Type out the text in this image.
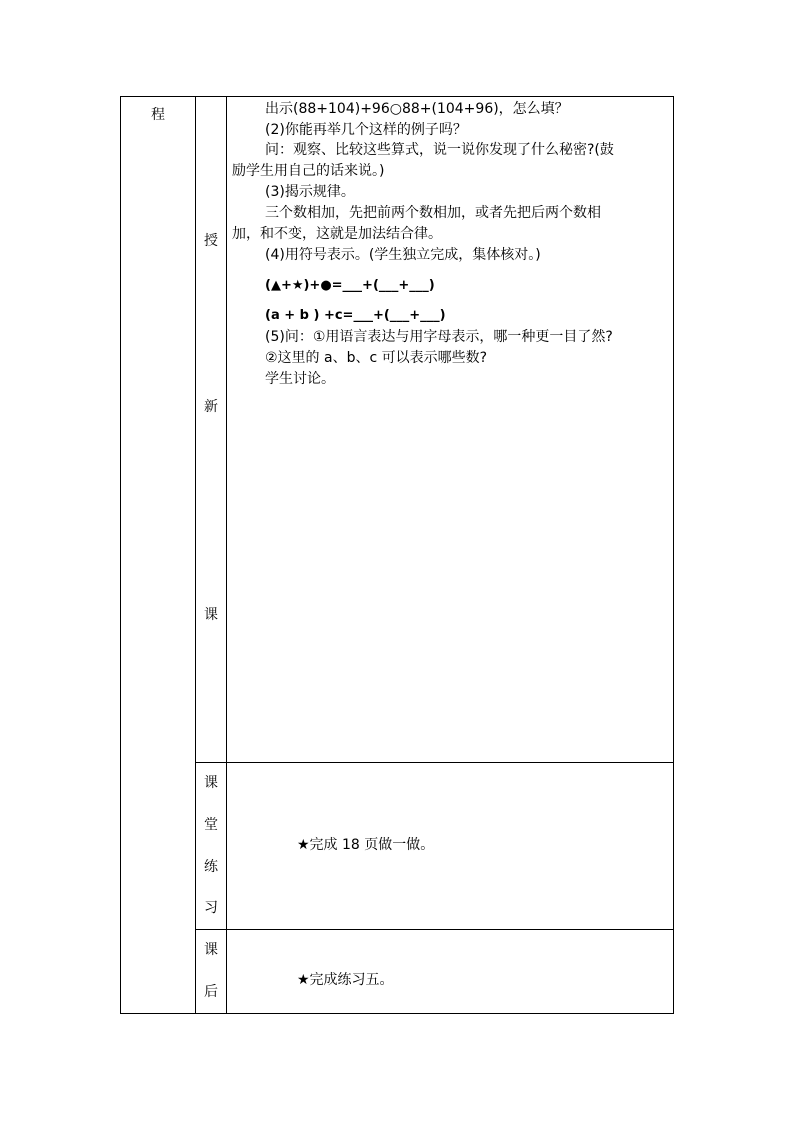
程
授
新
课
出示(88+104)+96○88+(104+96)，怎么填？
(2)你能再举几个这样的例子吗？
问：观察、比较这些算式，说一说你发现了什么秘密?(鼓
励学生用自己的话来说。)
(3)揭示规律。
三个数相加，先把前两个数相加，或者先把后两个数相
加，和不变，这就是加法结合律。
(4)用符号表示。(学生独立完成，集体核对。)
(▲+★)+●=___+(___+___)
(a + b ) +c=___+(___+___)
(5)问：①用语言表达与用字母表示，哪一种更一目了然?
②这里的 a、b、c 可以表示哪些数?
学生讨论。
课
堂
练
习
★完成 18 页做一做。
课
后
★完成练习五。
